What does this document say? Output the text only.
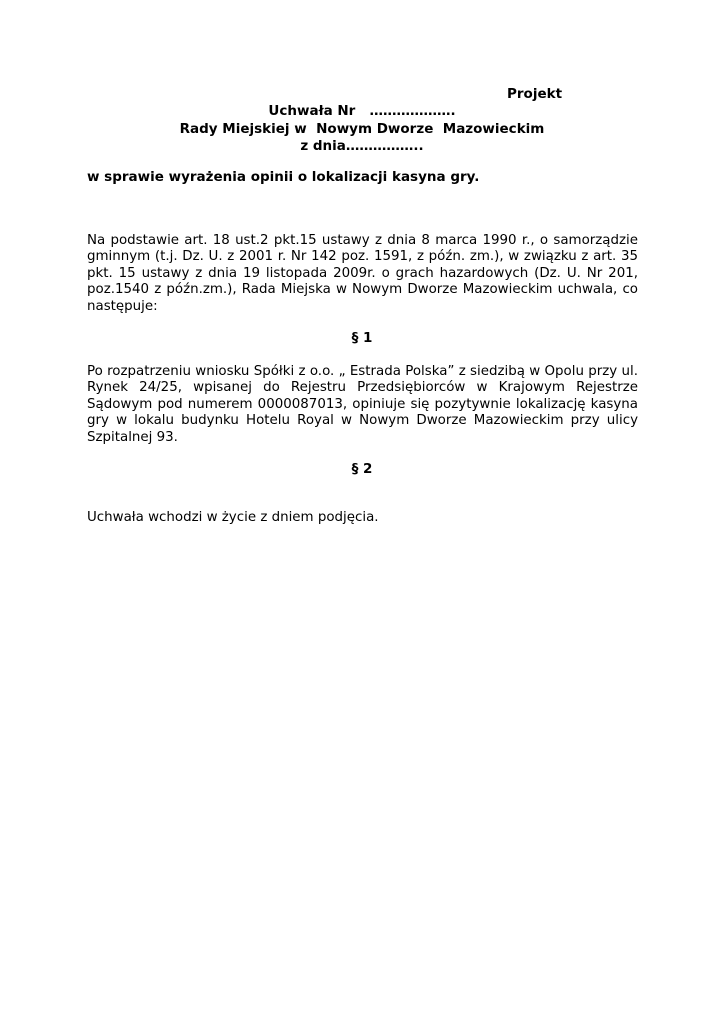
Projekt
Uchwała Nr   ……………….
Rady Miejskiej w  Nowym Dworze  Mazowieckim
z dnia……………..
w sprawie wyrażenia opinii o lokalizacji kasyna gry.
Na podstawie art. 18 ust.2 pkt.15 ustawy z dnia 8 marca 1990 r., o samorządzie gminnym (t.j. Dz. U. z 2001 r. Nr 142 poz. 1591, z późn. zm.), w związku z art. 35 pkt. 15 ustawy z dnia 19 listopada 2009r. o grach hazardowych (Dz. U. Nr 201, poz.1540 z późn.zm.), Rada Miejska w Nowym Dworze Mazowieckim uchwala, co następuje:
§ 1
Po rozpatrzeniu wniosku Spółki z o.o. „ Estrada Polska” z siedzibą w Opolu przy ul. Rynek 24/25, wpisanej do Rejestru Przedsiębiorców w Krajowym Rejestrze Sądowym pod numerem 0000087013, opiniuje się pozytywnie lokalizację kasyna gry w lokalu budynku Hotelu Royal w Nowym Dworze Mazowieckim przy ulicy Szpitalnej 93.
§ 2
Uchwała wchodzi w życie z dniem podjęcia.
